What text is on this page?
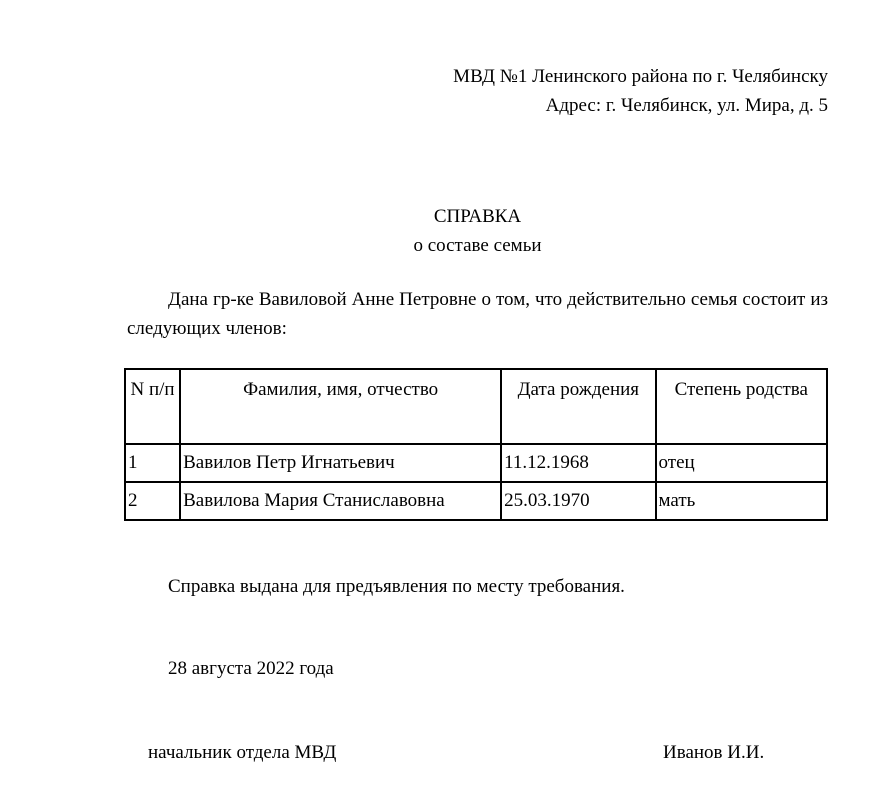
МВД №1 Ленинского района по г. Челябинску
Адрес: г. Челябинск, ул. Мира, д. 5
СПРАВКА
о составе семьи
Дана гр-ке Вавиловой Анне Петровне о том, что действительно семья состоит из следующих членов:
N п/п	Фамилия, имя, отчество	Дата рождения	Степень родства
1	Вавилов Петр Игнатьевич	11.12.1968	отец
2	Вавилова Мария Станиславовна	25.03.1970	мать
Справка выдана для предъявления по месту требования.
28 августа 2022 года
начальник отдела МВД	Иванов И.И.
